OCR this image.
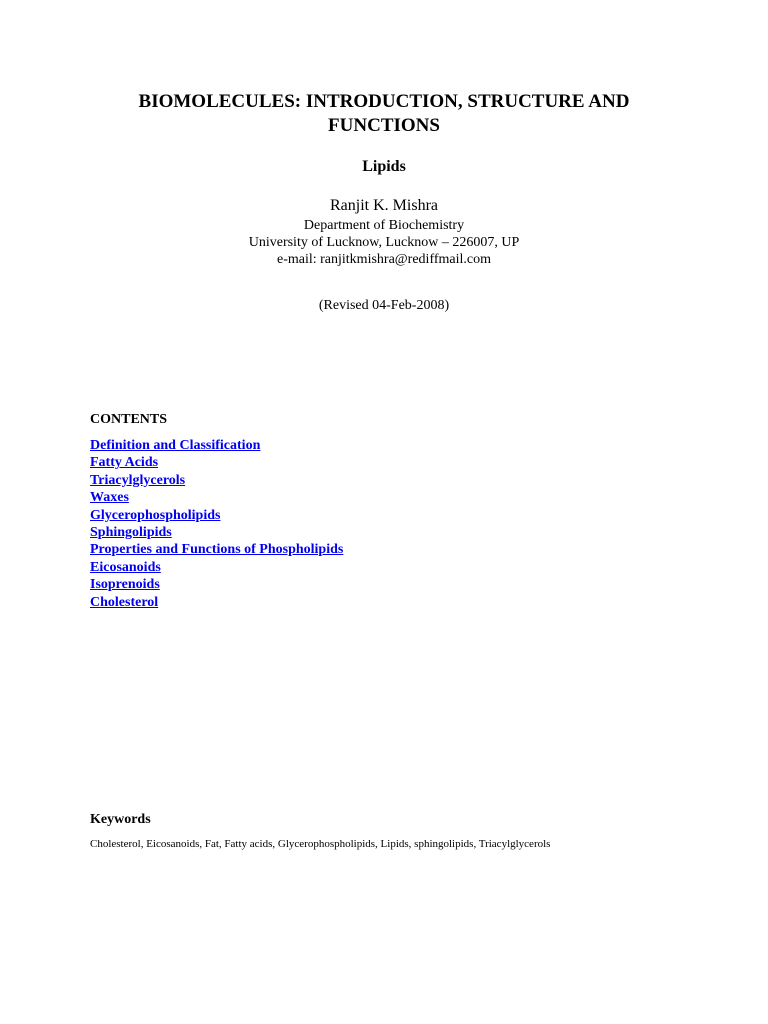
BIOMOLECULES: INTRODUCTION, STRUCTURE AND FUNCTIONS
Lipids

Ranjit K. Mishra

Department of Biochemistry

University of Lucknow, Lucknow – 226007, UP

e-mail: ranjitkmishra@rediffmail.com

(Revised 04-Feb-2008)

CONTENTS
Definition and Classification
Fatty Acids
Triacylglycerols
Waxes
Glycerophospholipids
Sphingolipids
Properties and Functions of Phospholipids
Eicosanoids
Isoprenoids
Cholesterol
Keywords

Cholesterol, Eicosanoids, Fat, Fatty acids, Glycerophospholipids, Lipids, sphingolipids, Triacylglycerols
